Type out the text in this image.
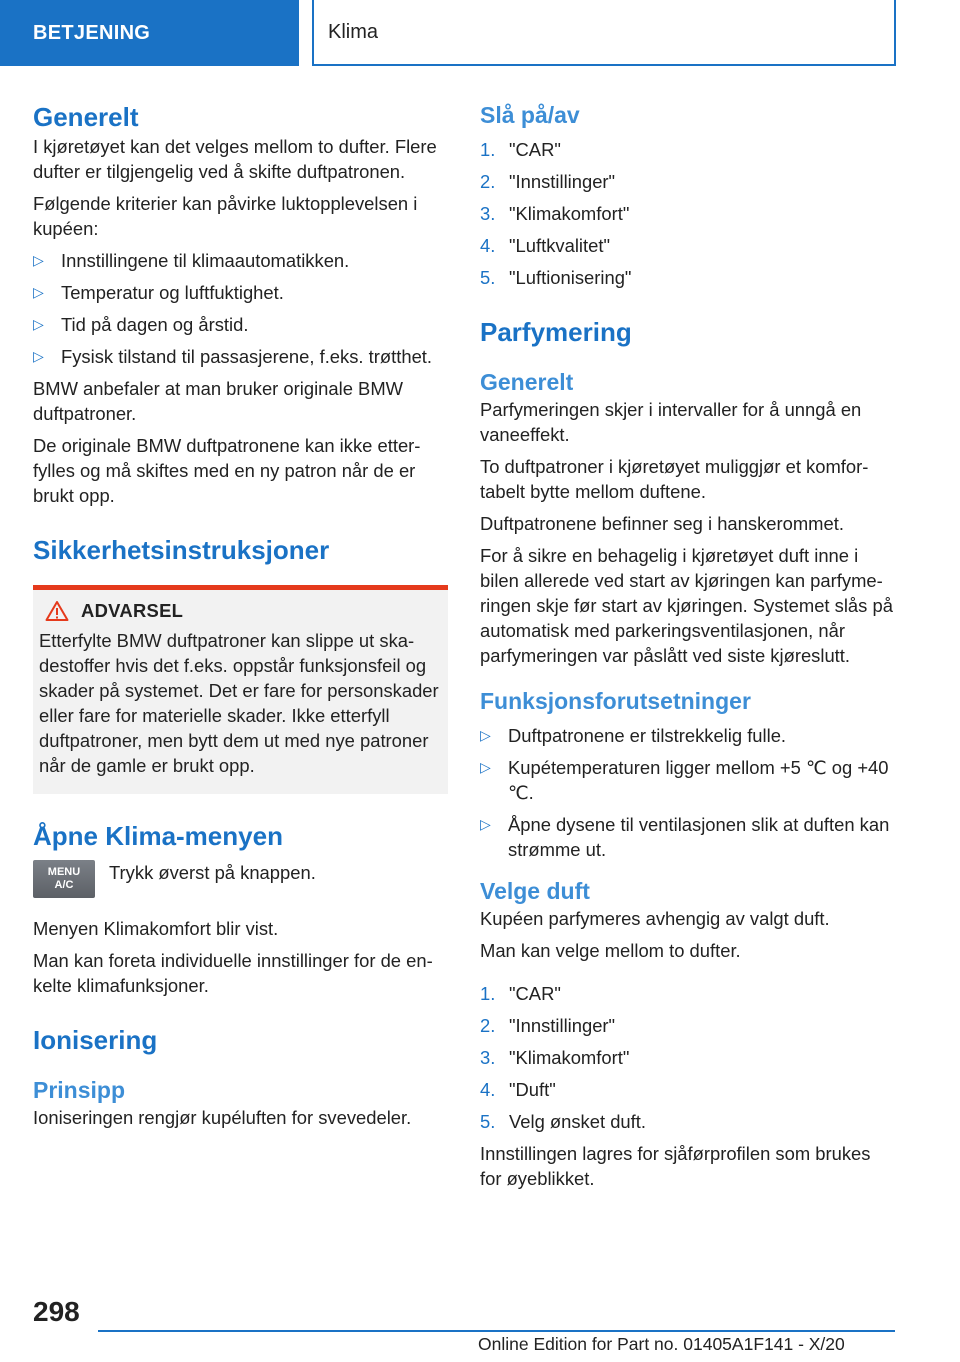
BETJENING	Klima
Generelt

I kjøretøyet kan det velges mellom to dufter. Flere dufter er tilgjengelig ved å skifte duftpatronen.

Følgende kriterier kan påvirke luktopplevelsen i kupéen:

▷ Innstillingene til klimaautomatikken.
▷ Temperatur og luftfuktighet.
▷ Tid på dagen og årstid.
▷ Fysisk tilstand til passasjerene, f.eks. trøtthet.

BMW anbefaler at man bruker originale BMW duftpatroner.

De originale BMW duftpatronene kan ikke etterfylles og må skiftes med en ny patron når de er brukt opp.

Sikkerhetsinstruksjoner
ADVARSEL

Etterfylte BMW duftpatroner kan slippe ut skadestoffer hvis det f.eks. oppstår funksjonsfeil og skader på systemet. Det er fare for personskader eller fare for materielle skader. Ikke etterfyll duftpatroner, men bytt dem ut med nye patroner når de gamle er brukt opp.

Åpne Klima-menyen
MENU
A/C

Trykk øverst på knappen.

Menyen Klimakomfort blir vist.

Man kan foreta individuelle innstillinger for de enkelte klimafunksjoner.

Ionisering
Prinsipp

Ioniseringen rengjør kupéluften for svevedeler.

Slå på/av
1. "CAR"
2. "Innstillinger"
3. "Klimakomfort"
4. "Luftkvalitet"
5. "Luftionisering"
Parfymering
Generelt

Parfymeringen skjer i intervaller for å unngå en vaneeffekt.

To duftpatroner i kjøretøyet muliggjør et komfortabelt bytte mellom duftene.

Duftpatronene befinner seg i hanskerommet.

For å sikre en behagelig i kjøretøyet duft inne i bilen allerede ved start av kjøringen kan parfymeringen skje før start av kjøringen. Systemet slås på automatisk med parkeringsventilasjonen, når parfymeringen var påslått ved siste kjøreslutt.

Funksjonsforutsetninger
▷ Duftpatronene er tilstrekkelig fulle.
▷ Kupétemperaturen ligger mellom +5 ℃ og +40 ℃.
▷ Åpne dysene til ventilasjonen slik at duften kan strømme ut.
Velge duft

Kupéen parfymeres avhengig av valgt duft.

Man kan velge mellom to dufter.

1. "CAR"
2. "Innstillinger"
3. "Klimakomfort"
4. "Duft"
5. Velg ønsket duft.

Innstillingen lagres for sjåførprofilen som brukes for øyeblikket.

298
Online Edition for Part no. 01405A1F141 - X/20
